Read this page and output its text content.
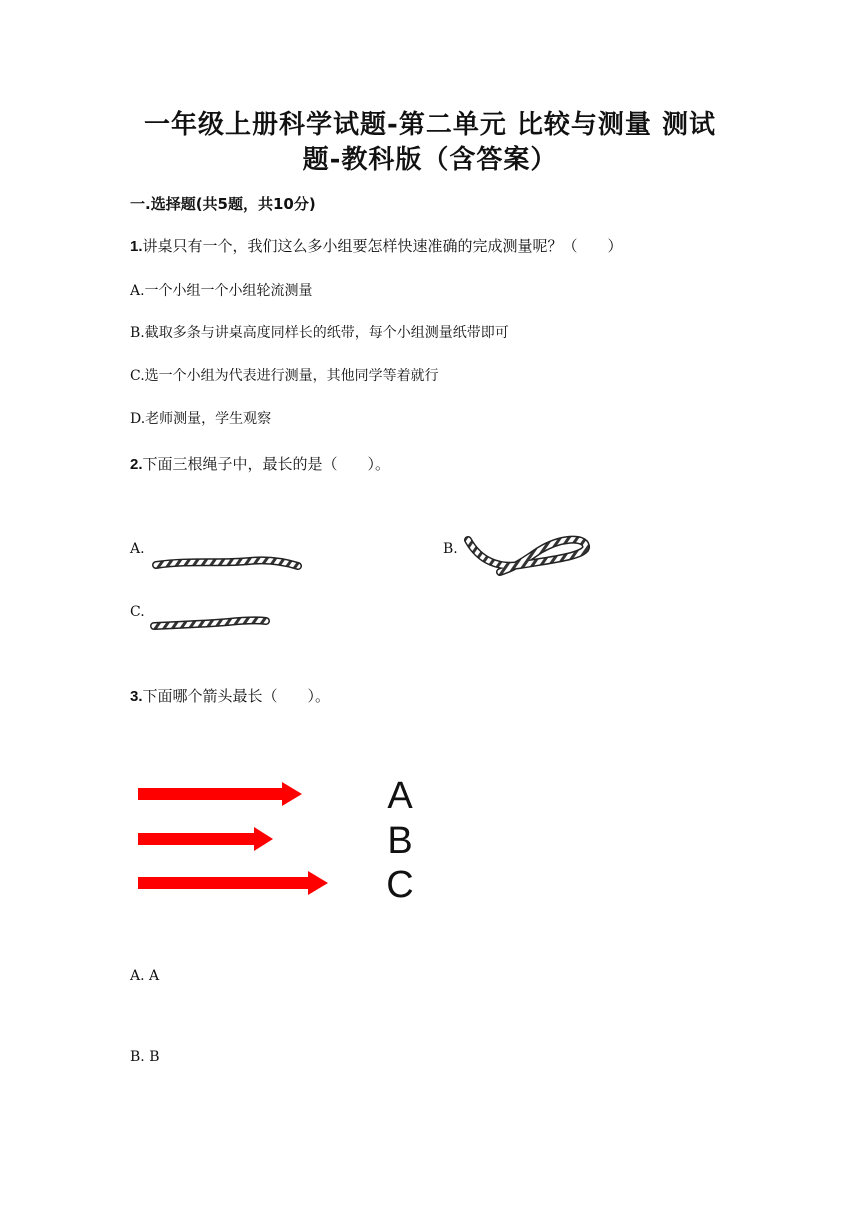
一年级上册科学试题-第二单元 比较与测量 测试
题-教科版（含答案）
一.选择题(共5题，共10分)
1.讲桌只有一个，我们这么多小组要怎样快速准确的完成测量呢？（　　）
A.一个小组一个小组轮流测量
B.截取多条与讲桌高度同样长的纸带，每个小组测量纸带即可
C.选一个小组为代表进行测量，其他同学等着就行
D.老师测量，学生观察
2.下面三根绳子中，最长的是（　　）。
A.	B.
C.
3.下面哪个箭头最长（　　）。
A
B
C
A. A
B. B
